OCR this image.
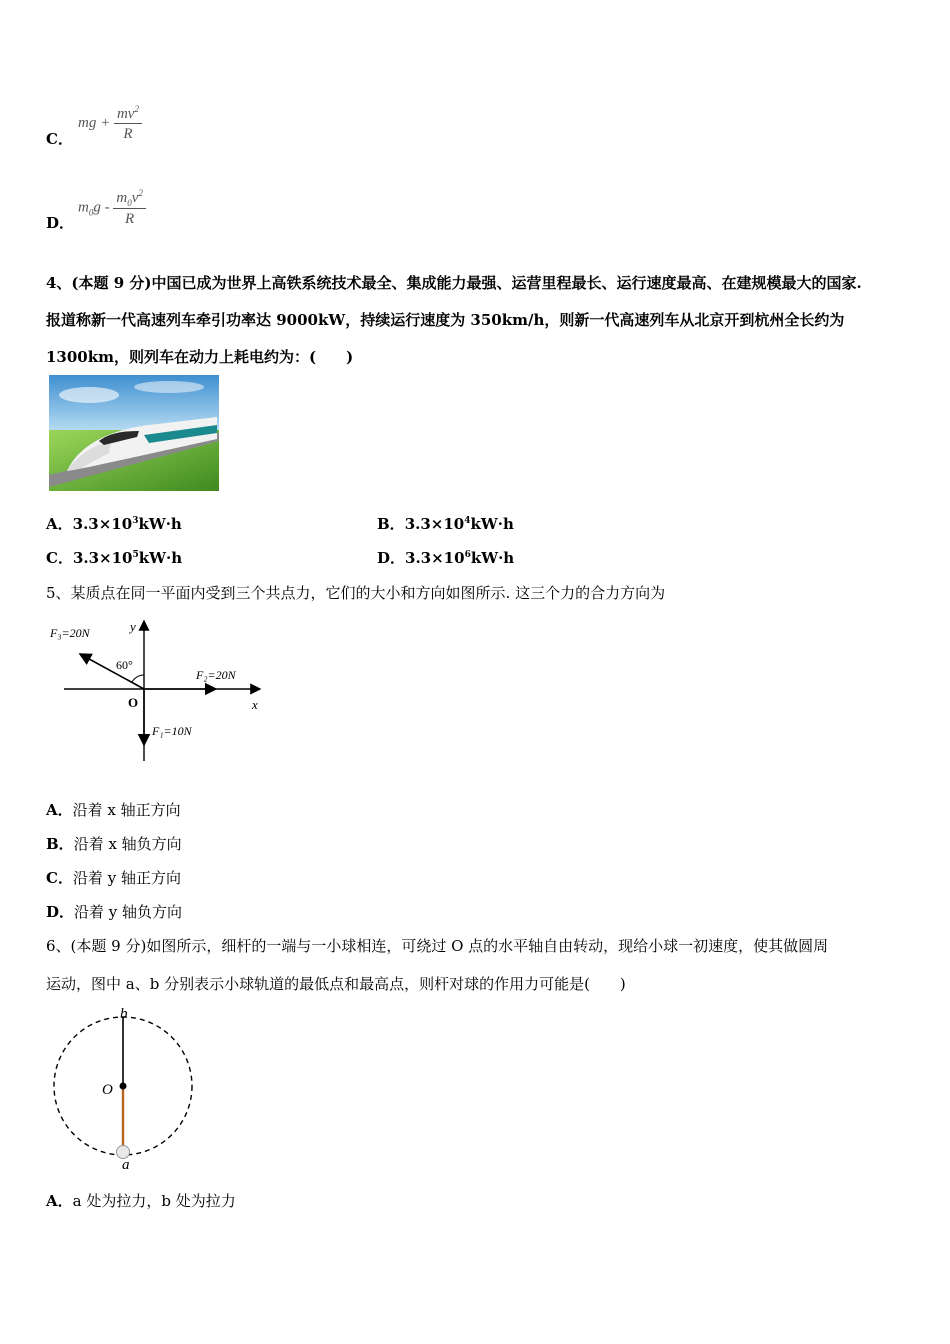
C．
mg + $\frac{mv^2}{R}$
D．
$m_0g - \frac{m_0v^2}{R}$
4、(本题 9 分)中国已成为世界上高铁系统技术最全、集成能力最强、运营里程最长、运行速度最高、在建规模最大的国家.
报道称新一代高速列车牵引功率达 9000kW，持续运行速度为 350km/h，则新一代高速列车从北京开到杭州全长约为
1300km，则列车在动力上耗电约为：(　　)
A．$3.3\times 10^3kW\cdot h$	B．$3.3\times 10^4kW\cdot h$
C．$3.3\times 10^5kW\cdot h$	D．$3.3\times 10^6kW\cdot h$
5、某质点在同一平面内受到三个共点力，它们的大小和方向如图所示. 这三个力的合力方向为
F₃=20N	y
60°
F₂=20N
O	x
F₁=10N
A．沿着 x 轴正方向
B．沿着 x 轴负方向
C．沿着 y 轴正方向
D．沿着 y 轴负方向
6、(本题 9 分)如图所示，细杆的一端与一小球相连，可绕过 O 点的水平轴自由转动，现给小球一初速度，使其做圆周
运动，图中 a、b 分别表示小球轨道的最低点和最高点，则杆对球的作用力可能是(　　)
b
O
a
A．a 处为拉力，b 处为拉力
